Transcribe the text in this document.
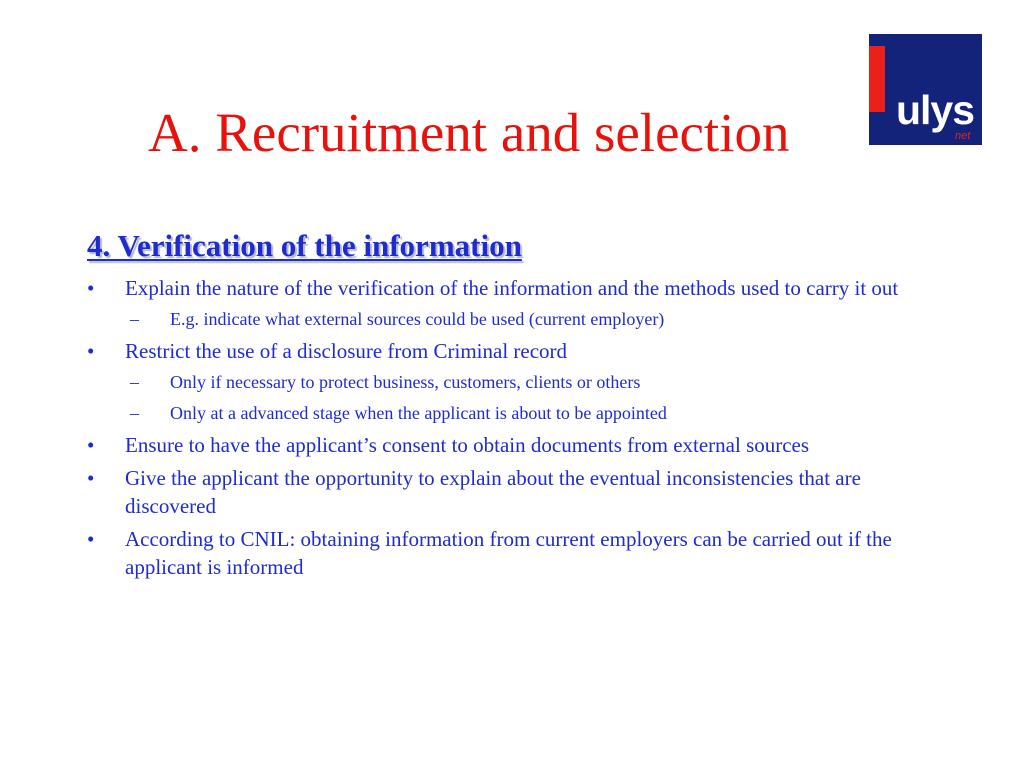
ulys
net
A. Recruitment and selection
4. Verification of the information
• Explain the nature of the verification of the information and the methods used to carry it out
– E.g. indicate what external sources could be used (current employer)
• Restrict the use of a disclosure from Criminal record
– Only if necessary to protect business, customers, clients or others
– Only at a advanced stage when the applicant is about to be appointed
• Ensure to have the applicant’s consent to obtain documents from external sources
• Give the applicant the opportunity to explain about the eventual inconsistencies that are discovered
• According to CNIL: obtaining information from current employers can be carried out if the applicant is informed
